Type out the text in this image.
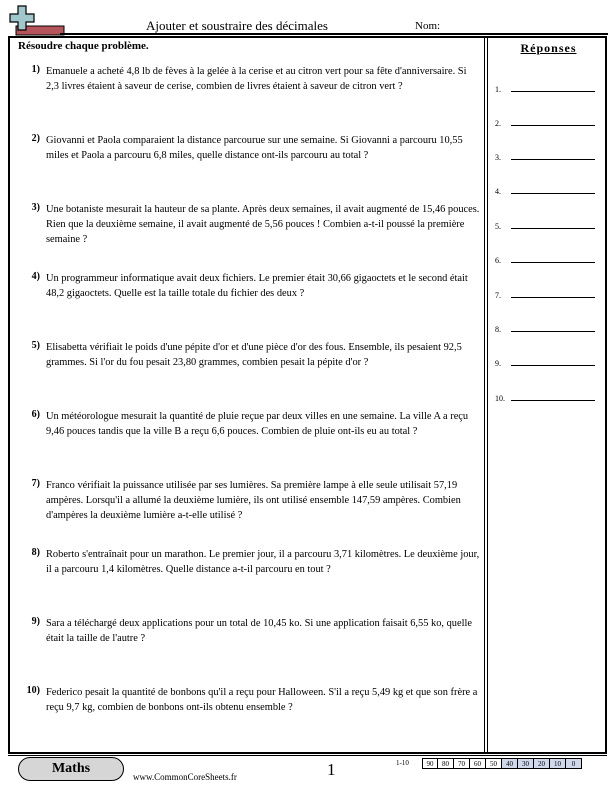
Ajouter et soustraire des décimales	Nom:
Résoudre chaque problème.	Réponses
1.
2.
3.
4.
5.
6.
7.
8.
9.
10.
1) Emanuele a acheté 4,8 lb de fèves à la gelée à la cerise et au citron vert pour sa fête d'anniversaire. Si 2,3 livres étaient à saveur de cerise, combien de livres étaient à saveur de citron vert ?
2) Giovanni et Paola comparaient la distance parcourue sur une semaine. Si Giovanni a parcouru 10,55 miles et Paola a parcouru 6,8 miles, quelle distance ont-ils parcouru au total ?
3) Une botaniste mesurait la hauteur de sa plante. Après deux semaines, il avait augmenté de 15,46 pouces. Rien que la deuxième semaine, il avait augmenté de 5,56 pouces ! Combien a-t-il poussé la première semaine ?
4) Un programmeur informatique avait deux fichiers. Le premier était 30,66 gigaoctets et le second était 48,2 gigaoctets. Quelle est la taille totale du fichier des deux ?
5) Elisabetta vérifiait le poids d'une pépite d'or et d'une pièce d'or des fous. Ensemble, ils pesaient 92,5 grammes. Si l'or du fou pesait 23,80 grammes, combien pesait la pépite d'or ?
6) Un météorologue mesurait la quantité de pluie reçue par deux villes en une semaine. La ville A a reçu 9,46 pouces tandis que la ville B a reçu 6,6 pouces. Combien de pluie ont-ils eu au total ?
7) Franco vérifiait la puissance utilisée par ses lumières. Sa première lampe à elle seule utilisait 57,19 ampères. Lorsqu'il a allumé la deuxième lumière, ils ont utilisé ensemble 147,59 ampères. Combien d'ampères la deuxième lumière a-t-elle utilisé ?
8) Roberto s'entraînait pour un marathon. Le premier jour, il a parcouru 3,71 kilomètres. Le deuxième jour, il a parcouru 1,4 kilomètres. Quelle distance a-t-il parcouru en tout ?
9) Sara a téléchargé deux applications pour un total de 10,45 ko. Si une application faisait 6,55 ko, quelle était la taille de l'autre ?
10) Federico pesait la quantité de bonbons qu'il a reçu pour Halloween. S'il a reçu 5,49 kg et que son frère a reçu 9,7 kg, combien de bonbons ont-ils obtenu ensemble ?
Maths
www.CommonCoreSheets.fr	1	1-10	90	80	70	60	50	40	30	20	10	0
